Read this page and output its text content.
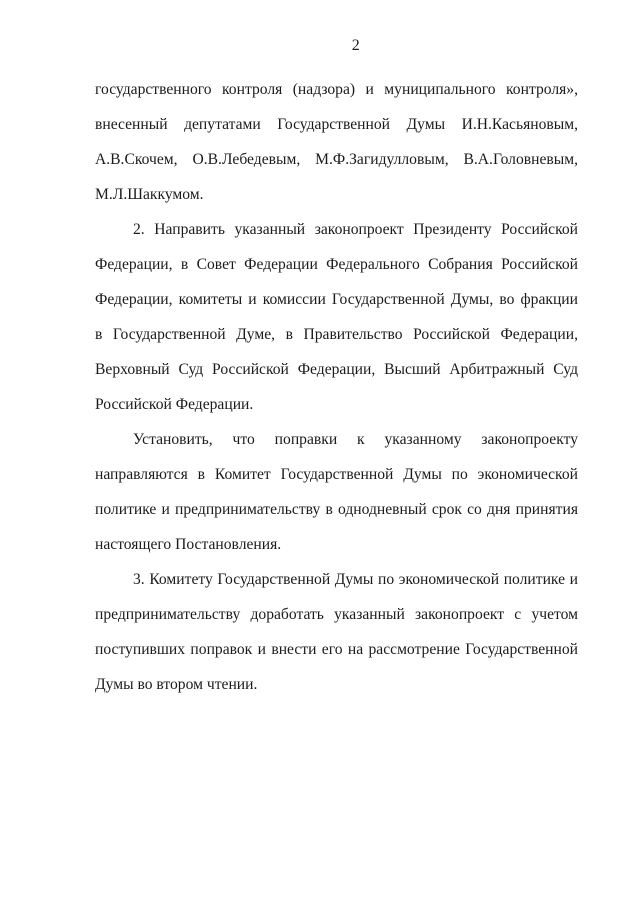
2
государственного контроля (надзора) и муниципального контроля»,
внесенный депутатами Государственной Думы И.Н.Касьяновым,
А.В.Скочем, О.В.Лебедевым, М.Ф.Загидулловым, В.А.Головневым,
М.Л.Шаккумом.
2. Направить указанный законопроект Президенту Российской
Федерации, в Совет Федерации Федерального Собрания Российской
Федерации, комитеты и комиссии Государственной Думы, во фракции
в Государственной Думе, в Правительство Российской Федерации,
Верховный Суд Российской Федерации, Высший Арбитражный Суд
Российской Федерации.
Установить, что поправки к указанному законопроекту
направляются в Комитет Государственной Думы по экономической
политике и предпринимательству в однодневный срок со дня принятия
настоящего Постановления.
3. Комитету Государственной Думы по экономической политике и
предпринимательству доработать указанный законопроект с учетом
поступивших поправок и внести его на рассмотрение Государственной
Думы во втором чтении.
